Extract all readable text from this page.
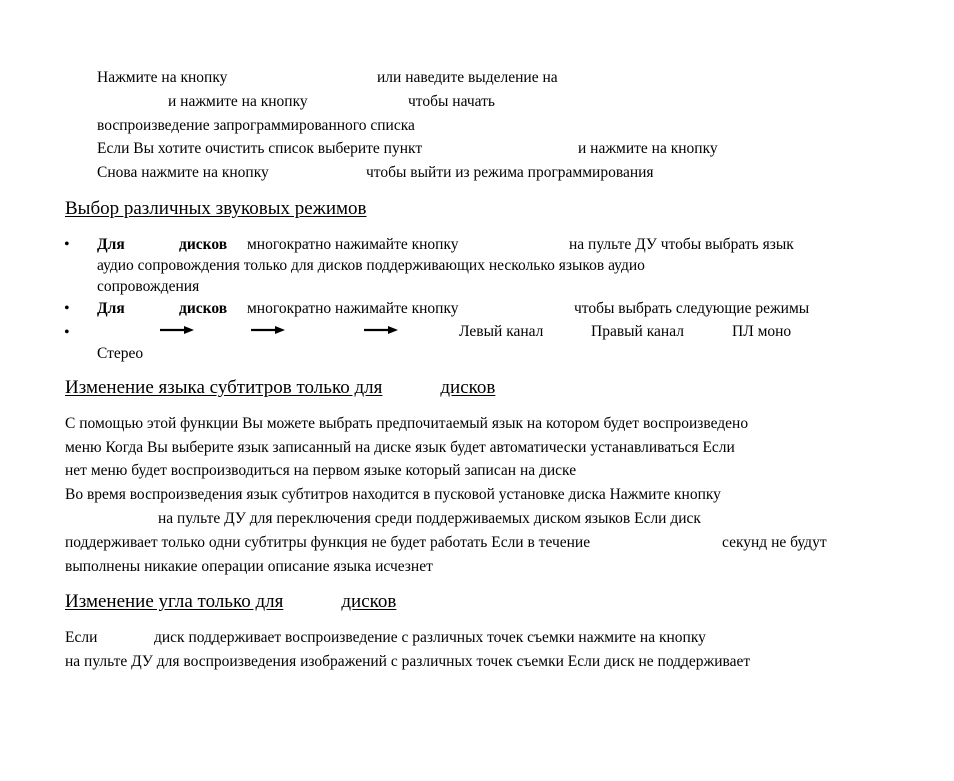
Нажмите на кнопку	или наведите выделение на
и нажмите на кнопку	чтобы начать
воспроизведение запрограммированного списка
Если Вы хотите очистить список выберите пункт	и нажмите на кнопку
Снова нажмите на кнопку	чтобы выйти из режима программирования
Выбор различных звуковых режимов
• Для	дисков многократно нажимайте кнопку	на пульте ДУ чтобы выбрать язык
аудио сопровождения только для дисков поддерживающих несколько языков аудио
сопровождения
• Для	дисков многократно нажимайте кнопку	чтобы выбрать следующие режимы
•	Левый канал	Правый канал	ПЛ моно
Стерео
Изменение языка субтитров только для	дисков
С помощью этой функции Вы можете выбрать предпочитаемый язык на котором будет воспроизведено
меню Когда Вы выберите язык записанный на диске язык будет автоматически устанавливаться Если
нет меню будет воспроизводиться на первом языке который записан на диске
Во время воспроизведения язык субтитров находится в пусковой установке диска Нажмите кнопку
на пульте ДУ для переключения среди поддерживаемых диском языков Если диск
поддерживает только одни субтитры функция не будет работать Если в течение	секунд не будут
выполнены никакие операции описание языка исчезнет
Изменение угла только для	дисков
Если	диск поддерживает воспроизведение с различных точек съемки нажмите на кнопку
на пульте ДУ для воспроизведения изображений с различных точек съемки Если диск не поддерживает
